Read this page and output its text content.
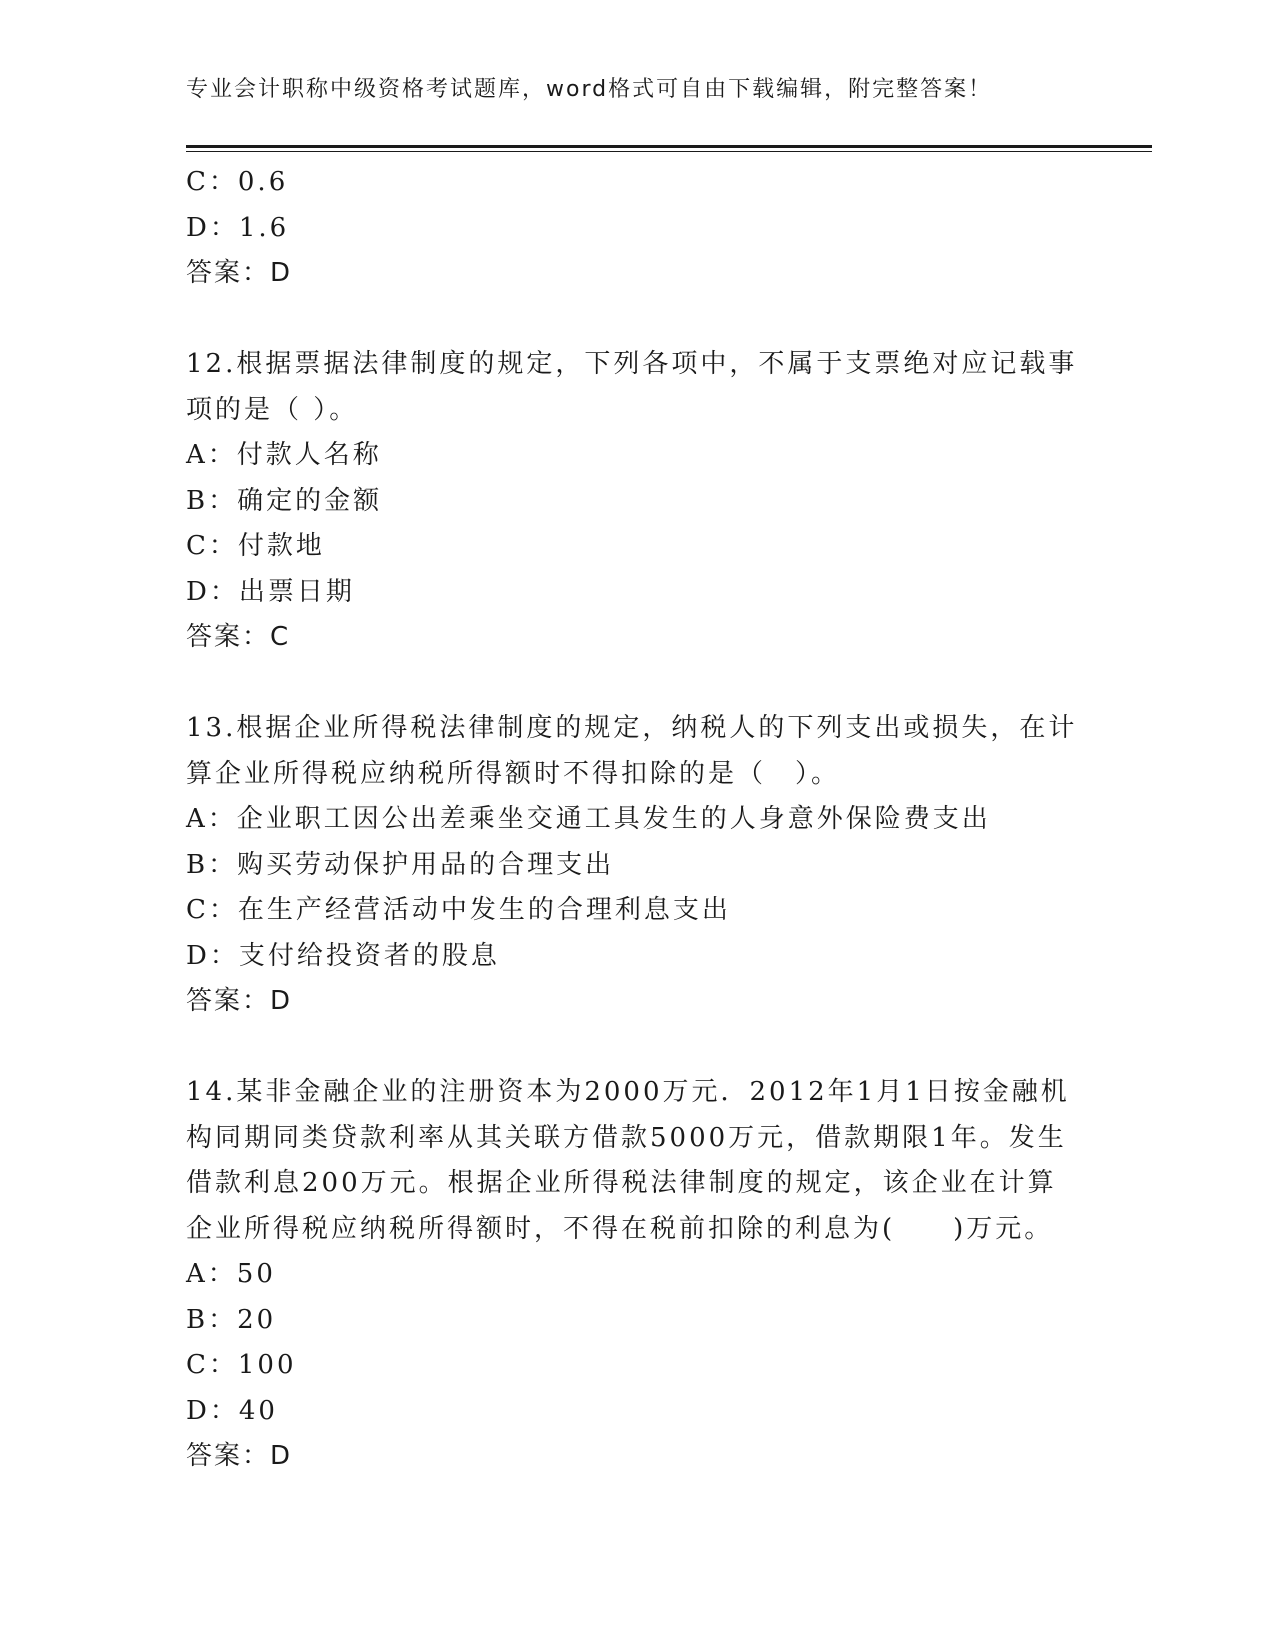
专业会计职称中级资格考试题库，word格式可自由下载编辑，附完整答案！
C：0.6
D：1.6
答案：D
12.根据票据法律制度的规定，下列各项中，不属于支票绝对应记载事
项的是（ ）。
A：付款人名称
B：确定的金额
C：付款地
D：出票日期
答案：C
13.根据企业所得税法律制度的规定，纳税人的下列支出或损失，在计
算企业所得税应纳税所得额时不得扣除的是（　）。
A：企业职工因公出差乘坐交通工具发生的人身意外保险费支出
B：购买劳动保护用品的合理支出
C：在生产经营活动中发生的合理利息支出
D：支付给投资者的股息
答案：D
14.某非金融企业的注册资本为2000万元．2012年1月1日按金融机
构同期同类贷款利率从其关联方借款5000万元，借款期限1年。发生
借款利息200万元。根据企业所得税法律制度的规定，该企业在计算
企业所得税应纳税所得额时，不得在税前扣除的利息为(　　)万元。
A：50
B：20
C：100
D：40
答案：D
